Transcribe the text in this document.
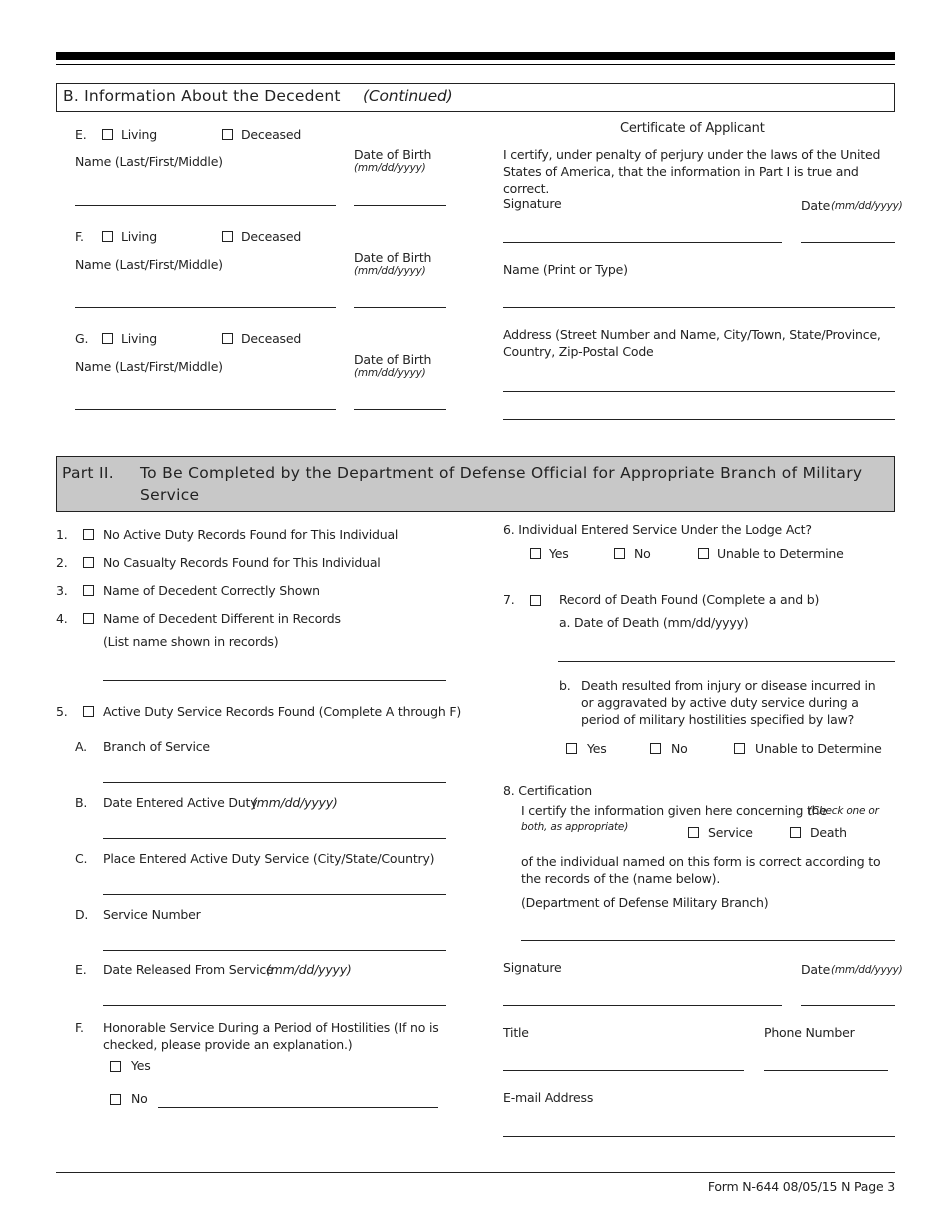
B. Information About the Decedent (Continued)
E.	Living	Deceased
Name (Last/First/Middle)	Date of Birth
(mm/dd/yyyy)
F.	Living	Deceased
Name (Last/First/Middle)	Date of Birth
(mm/dd/yyyy)
G.	Living	Deceased
Name (Last/First/Middle)	Date of Birth
(mm/dd/yyyy)
Certificate of Applicant
I certify, under penalty of perjury under the laws of the United States of America, that the information in Part I is true and correct.
Signature	Date (mm/dd/yyyy)
Name (Print or Type)
Address (Street Number and Name, City/Town, State/Province, Country, Zip-Postal Code
Part II. To Be Completed by the Department of Defense Official for Appropriate Branch of Military Service
1.	No Active Duty Records Found for This Individual
2.	No Casualty Records Found for This Individual
3.	Name of Decedent Correctly Shown
4.	Name of Decedent Different in Records
(List name shown in records)
5.	Active Duty Service Records Found (Complete A through F)
A. Branch of Service
B. Date Entered Active Duty
(mm/dd/yyyy)
C. Place Entered Active Duty Service (City/State/Country)
D. Service Number
E. Date Released From Service
(mm/dd/yyyy)
F. Honorable Service During a Period of Hostilities (If no is checked, please provide an explanation.)
Yes
No
6. Individual Entered Service Under the Lodge Act?
Yes	No	Unable to Determine
7.	Record of Death Found (Complete a and b)
a. Date of Death (mm/dd/yyyy)
b. Death resulted from injury or disease incurred in or aggravated by active duty service during a period of military hostilities specified by law?
Yes	No	Unable to Determine
8. Certification
I certify the information given here concerning the
(Check one or both, as appropriate)	Service	Death
of the individual named on this form is correct according to the records of the (name below).
(Department of Defense Military Branch)
Signature	Date (mm/dd/yyyy)
Title	Phone Number
E-mail Address
Form N-644 08/05/15 N Page 3
